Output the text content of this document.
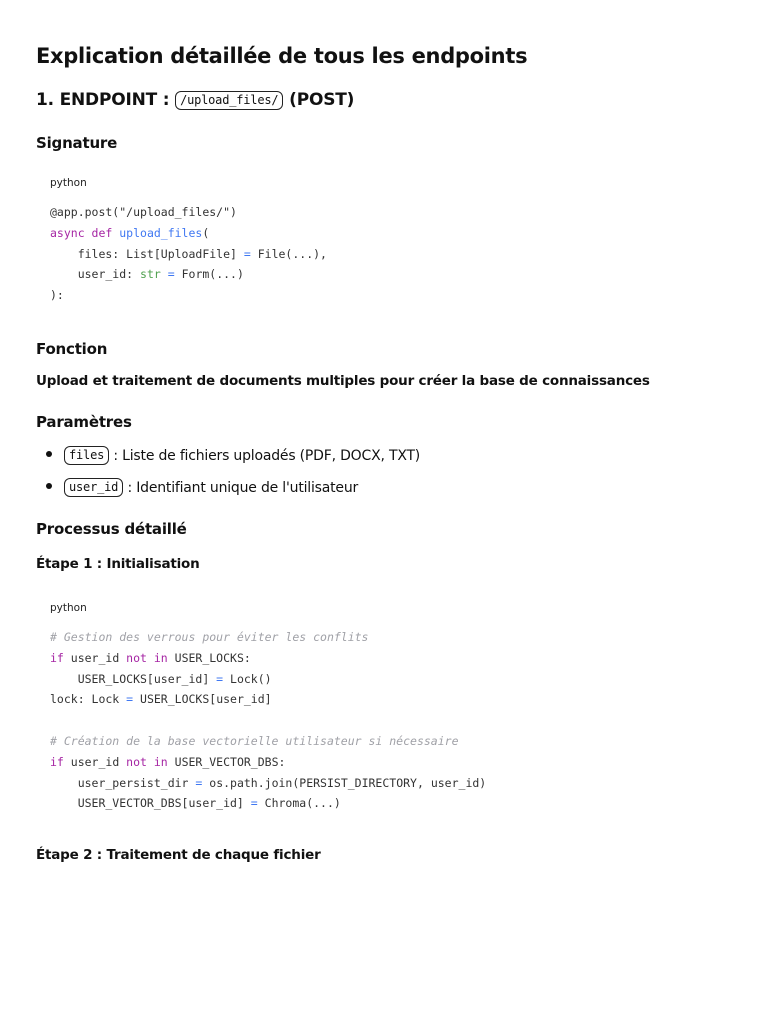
Explication détaillée de tous les endpoints
1. ENDPOINT : /upload_files/ (POST)
Signature
python
@app.post("/upload_files/")
async def upload_files(
files: List[UploadFile] = File(...),
user_id: str = Form(...)
):
Fonction
Upload et traitement de documents multiples pour créer la base de connaissances
Paramètres
files : Liste de fichiers uploadés (PDF, DOCX, TXT)
user_id : Identifiant unique de l'utilisateur
Processus détaillé
Étape 1 : Initialisation
python
# Gestion des verrous pour éviter les conflits
if user_id not in USER_LOCKS:
USER_LOCKS[user_id] = Lock()
lock: Lock = USER_LOCKS[user_id]

# Création de la base vectorielle utilisateur si nécessaire
if user_id not in USER_VECTOR_DBS:
user_persist_dir = os.path.join(PERSIST_DIRECTORY, user_id)
USER_VECTOR_DBS[user_id] = Chroma(...)
Étape 2 : Traitement de chaque fichier
